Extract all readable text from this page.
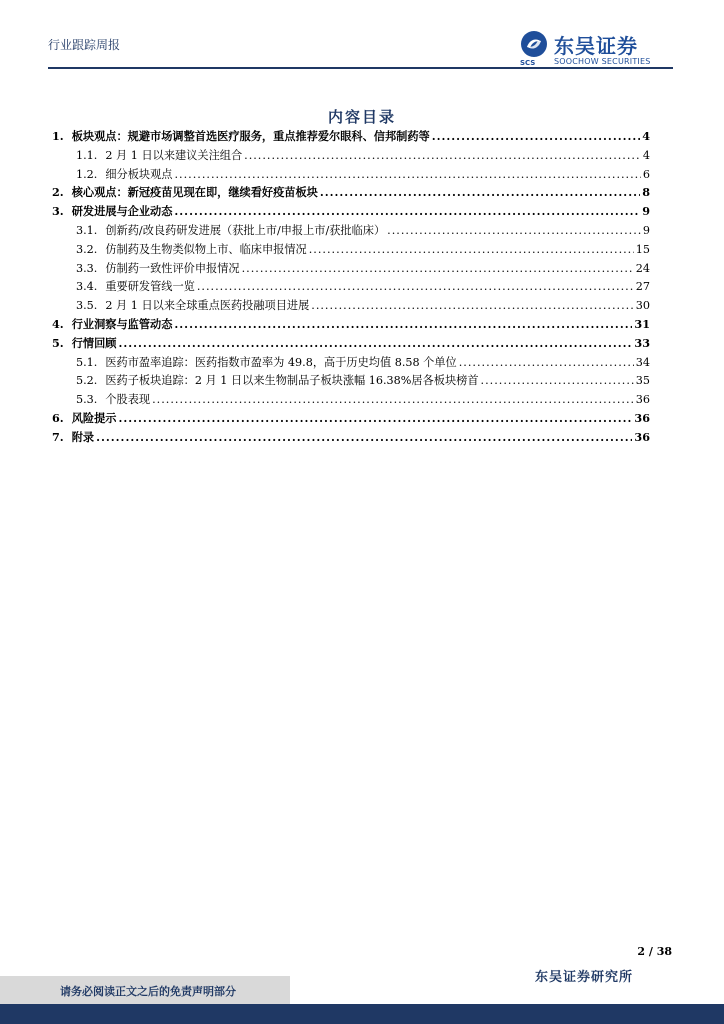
行业跟踪周报	东吴证券
SCS SOOCHOW SECURITIES
内容目录
1. 板块观点：规避市场调整首选医疗服务，重点推荐爱尔眼科、信邦制药等 .....	4
1.1. 2 月 1 日以来建议关注组合 .....	4
1.2. 细分板块观点 .....	6
2. 核心观点：新冠疫苗见现在即，继续看好疫苗板块 .....	8
3. 研发进展与企业动态 .....	9
3.1. 创新药/改良药研发进展（获批上市/申报上市/获批临床） .....	9
3.2. 仿制药及生物类似物上市、临床申报情况 .....	15
3.3. 仿制药一致性评价申报情况 .....	24
3.4. 重要研发管线一览 .....	27
3.5. 2 月 1 日以来全球重点医药投融项目进展 .....	30
4. 行业洞察与监管动态 .....	31
5. 行情回顾 .....	33
5.1. 医药市盈率追踪：医药指数市盈率为 49.8，高于历史均值 8.58 个单位 .....	34
5.2. 医药子板块追踪：2 月 1 日以来生物制品子板块涨幅 16.38%居各板块榜首 .....	35
5.3. 个股表现 .....	36
6. 风险提示 .....	36
7. 附录 .....	36
2 / 38
东吴证券研究所
请务必阅读正文之后的免责声明部分
